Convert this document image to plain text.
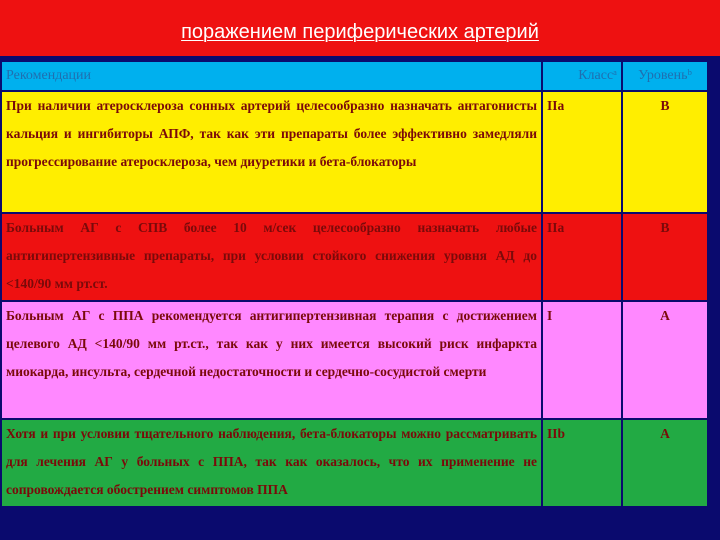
поражением периферических артерий
Рекомендации	Классᵃ	Уровеньᵇ
При наличии атеросклероза сонных артерий целесообразно назначать антагонисты кальция и ингибиторы АПФ, так как эти препараты более эффективно замедляли прогрессирование атеросклероза, чем диуретики и бета-блокаторы	IIa	B
Больным АГ с СПВ более 10 м/сек целесообразно назначать любые антигипертензивные препараты, при условии стойкого снижения уровня АД до <140/90 мм рт.ст.	IIa	B
Больным АГ с ППА рекомендуется антигипертензивная терапия с достижением целевого АД <140/90 мм рт.ст., так как у них имеется высокий риск инфаркта миокарда, инсульта, сердечной недостаточности и сердечно-сосудистой смерти	I	A
Хотя и при условии тщательного наблюдения, бета-блокаторы можно рассматривать для лечения АГ у больных с ППА, так как оказалось, что их применение не сопровождается обострением симптомов ППА	IIb	A
